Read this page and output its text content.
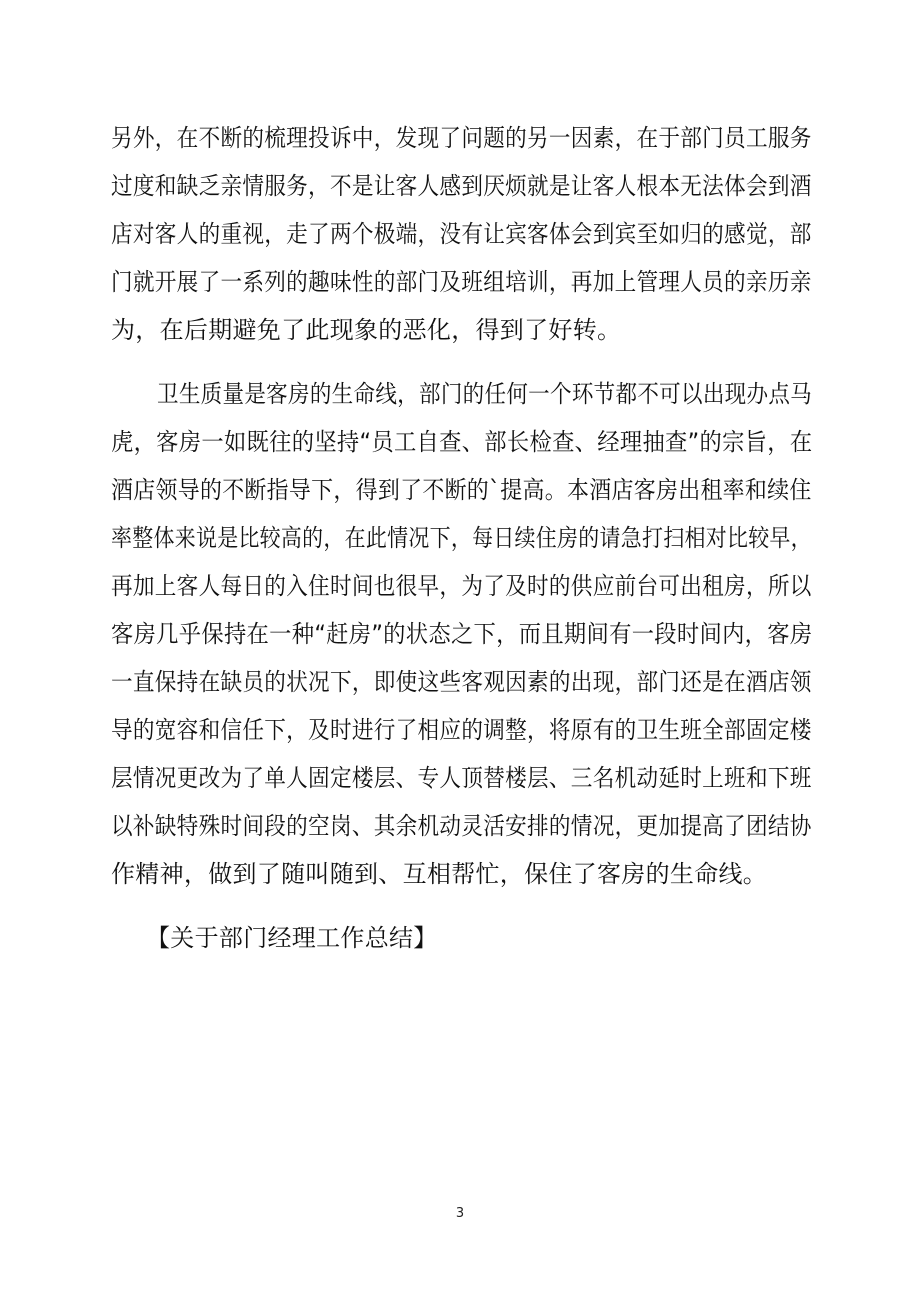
另外，在不断的梳理投诉中，发现了问题的另一因素，在于部门员工服务
过度和缺乏亲情服务，不是让客人感到厌烦就是让客人根本无法体会到酒
店对客人的重视，走了两个极端，没有让宾客体会到宾至如归的感觉，部
门就开展了一系列的趣味性的部门及班组培训，再加上管理人员的亲历亲
为，在后期避免了此现象的恶化，得到了好转。
卫生质量是客房的生命线，部门的任何一个环节都不可以出现办点马
虎，客房一如既往的坚持“员工自查、部长检查、经理抽查”的宗旨，在
酒店领导的不断指导下，得到了不断的`提高。本酒店客房出租率和续住
率整体来说是比较高的，在此情况下，每日续住房的请急打扫相对比较早，
再加上客人每日的入住时间也很早，为了及时的供应前台可出租房，所以
客房几乎保持在一种“赶房”的状态之下，而且期间有一段时间内，客房
一直保持在缺员的状况下，即使这些客观因素的出现，部门还是在酒店领
导的宽容和信任下，及时进行了相应的调整，将原有的卫生班全部固定楼
层情况更改为了单人固定楼层、专人顶替楼层、三名机动延时上班和下班
以补缺特殊时间段的空岗、其余机动灵活安排的情况，更加提高了团结协
作精神，做到了随叫随到、互相帮忙，保住了客房的生命线。
【关于部门经理工作总结】
3
